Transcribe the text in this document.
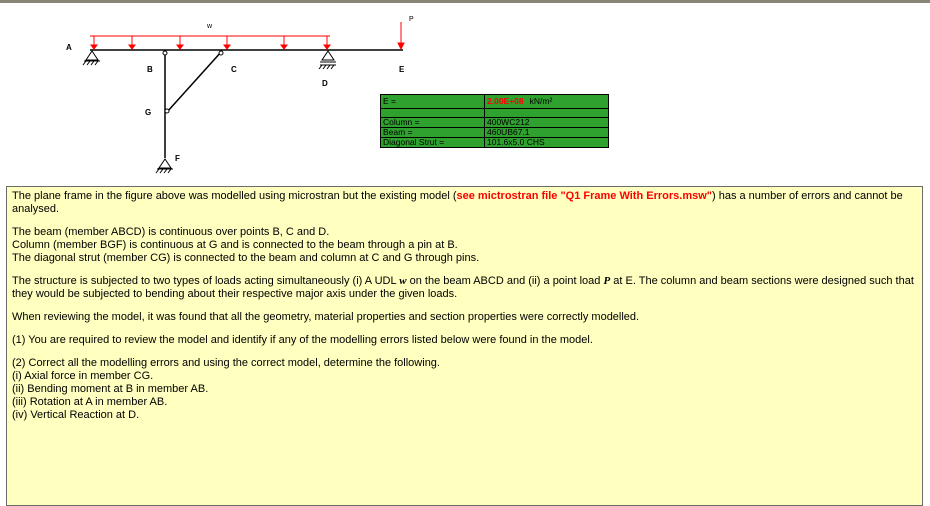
A
B	C
D
E
G
F
w
P
E =	2.00E+08 kN/m²
Column =	400WC212
Beam =	460UB67.1
Diagonal Strut =	101.6x5.0 CHS

The plane frame in the figure above was modelled using microstran but the existing model (see mictrostran file "Q1 Frame With Errors.msw") has a number of errors and cannot be analysed.

The beam (member ABCD) is continuous over points B, C and D.

Column (member BGF) is continuous at G and is connected to the beam through a pin at B.

The diagonal strut (member CG) is connected to the beam and column at C and G through pins.

The structure is subjected to two types of loads acting simultaneously (i) A UDL w on the beam ABCD and (ii) a point load P at E. The column and beam sections were designed such that they would be subjected to bending about their respective major axis under the given loads.

When reviewing the model, it was found that all the geometry, material properties and section properties were correctly modelled.

(1) You are required to review the model and identify if any of the modelling errors listed below were found in the model.

(2) Correct all the modelling errors and using the correct model, determine the following.

(i) Axial force in member CG.

(ii) Bending moment at B in member AB.

(iii) Rotation at A in member AB.

(iv) Vertical Reaction at D.
